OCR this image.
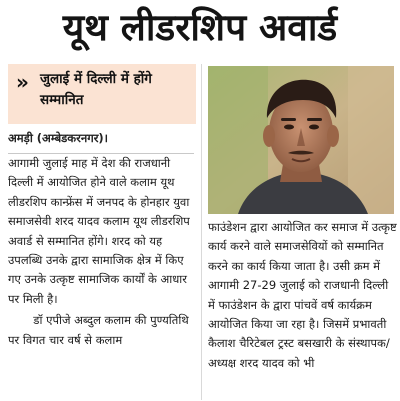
यूथ लीडरशिप अवार्ड
» जुलाई में दिल्ली में होंगे सम्मानित
अमड़ी (अम्बेडकरनगर)।

आगामी जुलाई माह में देश की राजधानी दिल्ली में आयोजित होने वाले कलाम यूथ लीडरशिप कान्फ्रेंस में जनपद के होनहार युवा समाजसेवी शरद यादव कलाम यूथ लीडरशिप अवार्ड से सम्मानित होंगे। शरद को यह उपलब्धि उनके द्वारा सामाजिक क्षेत्र में किए गए उनके उत्कृष्ट सामाजिक कार्यों के आधार पर मिली है।

डॉ एपीजे अब्दुल कलाम की पुण्यतिथि पर विगत चार वर्ष से कलाम

फाउंडेशन द्वारा आयोजित कर समाज में उत्कृष्ट कार्य करने वाले समाजसेवियों को सम्मानित करने का कार्य किया जाता है। उसी क्रम में आगामी 27-29 जुलाई को राजधानी दिल्ली में फाउंडेशन के द्वारा पांचवें वर्ष कार्यक्रम आयोजित किया जा रहा है। जिसमें प्रभावती कैलाश चैरिटेबल ट्रस्ट बसखारी के संस्थापक/अध्यक्ष शरद यादव को भी
